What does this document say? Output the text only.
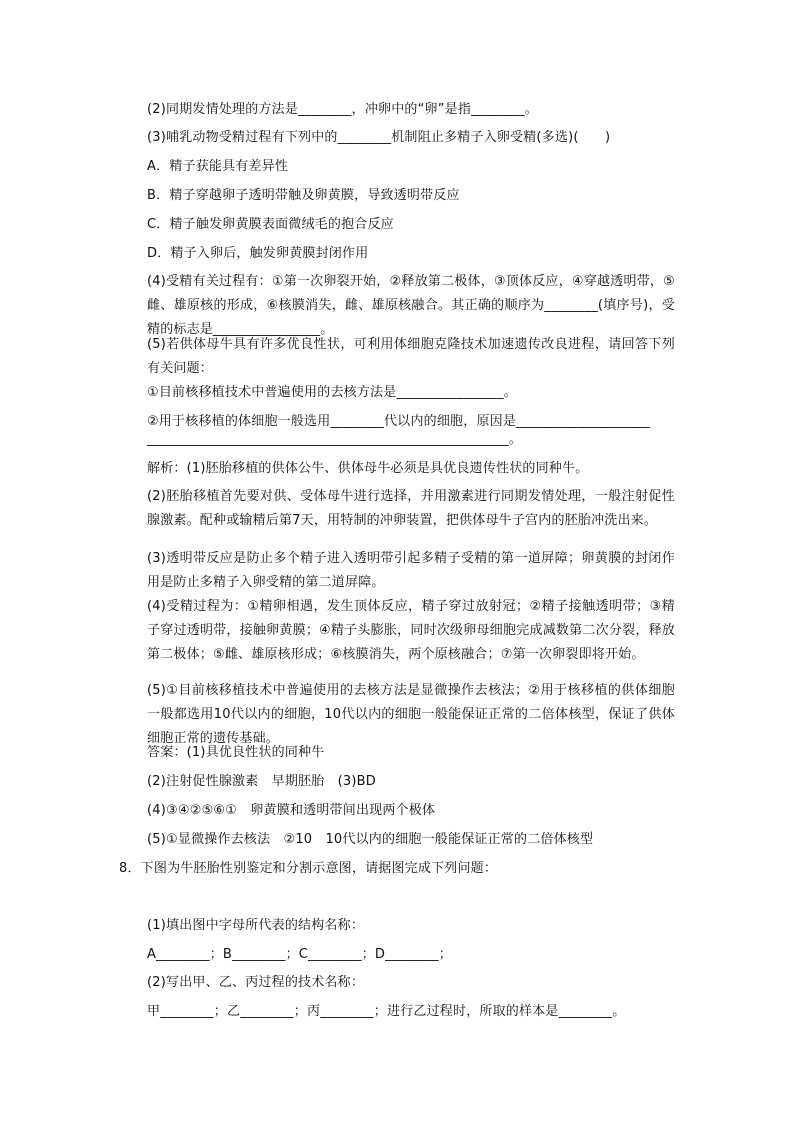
(2)同期发情处理的方法是________，冲卵中的“卵”是指________。
(3)哺乳动物受精过程有下列中的________机制阻止多精子入卵受精(多选)(　　)
A．精子获能具有差异性
B．精子穿越卵子透明带触及卵黄膜，导致透明带反应
C．精子触发卵黄膜表面微绒毛的抱合反应
D．精子入卵后，触发卵黄膜封闭作用
(4)受精有关过程有：①第一次卵裂开始，②释放第二极体，③顶体反应，④穿越透明带，⑤雌、雄原核的形成，⑥核膜消失，雌、雄原核融合。其正确的顺序为________(填序号)，受精的标志是________________。
(5)若供体母牛具有许多优良性状，可利用体细胞克隆技术加速遗传改良进程，请回答下列有关问题：
①目前核移植技术中普遍使用的去核方法是________________。
②用于核移植的体细胞一般选用________代以内的细胞，原因是____________________
______________________________________________________。
解析：(1)胚胎移植的供体公牛、供体母牛必须是具优良遗传性状的同种牛。
(2)胚胎移植首先要对供、受体母牛进行选择，并用激素进行同期发情处理，一般注射促性腺激素。配种或输精后第7天，用特制的冲卵装置，把供体母牛子宫内的胚胎冲洗出来。
(3)透明带反应是防止多个精子进入透明带引起多精子受精的第一道屏障；卵黄膜的封闭作用是防止多精子入卵受精的第二道屏障。
(4)受精过程为：①精卵相遇，发生顶体反应，精子穿过放射冠；②精子接触透明带；③精子穿过透明带，接触卵黄膜；④精子头膨胀，同时次级卵母细胞完成减数第二次分裂，释放第二极体；⑤雌、雄原核形成；⑥核膜消失，两个原核融合；⑦第一次卵裂即将开始。
(5)①目前核移植技术中普遍使用的去核方法是显微操作去核法；②用于核移植的供体细胞一般都选用10代以内的细胞，10代以内的细胞一般能保证正常的二倍体核型，保证了供体细胞正常的遗传基础。
答案：(1)具优良性状的同种牛
(2)注射促性腺激素　早期胚胎　(3)BD
(4)③④②⑤⑥①　卵黄膜和透明带间出现两个极体
(5)①显微操作去核法　②10　10代以内的细胞一般能保证正常的二倍体核型
8．下图为牛胚胎性别鉴定和分割示意图，请据图完成下列问题：
(1)填出图中字母所代表的结构名称：
A________；B________；C________；D________；
(2)写出甲、乙、丙过程的技术名称：
甲________；乙________；丙________；进行乙过程时，所取的样本是________。
